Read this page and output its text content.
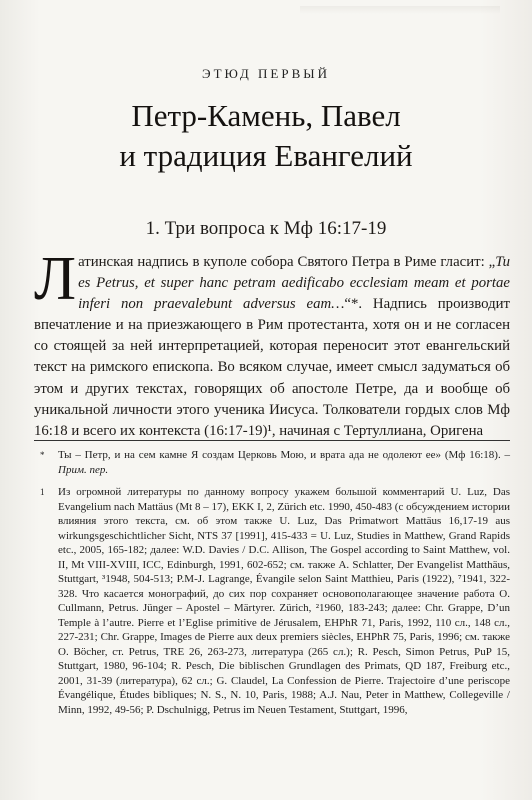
ЭТЮД ПЕРВЫЙ
Петр-Камень, Павел
и традиция Евангелий
1. Три вопроса к Мф 16:17-19

Латинская надпись в куполе собора Святого Петра в Риме гласит: „Tu es Petrus, et super hanc petram aedificabo ecclesiam meam et portae inferi non praevalebunt adversus eam…“*. Надпись производит впечатление и на приезжающего в Рим протестанта, хотя он и не согласен со стоящей за ней интерпретацией, которая переносит этот евангельский текст на римского епископа. Во всяком случае, имеет смысл задуматься об этом и других текстах, говорящих об апостоле Петре, да и вообще об уникальной личности этого ученика Иисуса. Толкователи гордых слов Мф 16:18 и всего их контекста (16:17-19)¹, начиная с Тертуллиана, Оригена

* Ты – Петр, и на сем камне Я создам Церковь Мою, и врата ада не одолеют ее» (Мф 16:18). – Прим. пер.

1 Из огромной литературы по данному вопросу укажем большой комментарий U. Luz, Das Evangelium nach Mattäus (Mt 8 – 17), EKK I, 2, Zürich etc. 1990, 450-483 (с обсуждением истории влияния этого текста, см. об этом также U. Luz, Das Primatwort Mattäus 16,17-19 aus wirkungsgeschichtlicher Sicht, NTS 37 [1991], 415-433 = U. Luz, Studies in Matthew, Grand Rapids etc., 2005, 165-182; далее: W.D. Davies / D.C. Allison, The Gospel according to Saint Matthew, vol. II, Mt VIII-XVIII, ICC, Edinburgh, 1991, 602-652; см. также A. Schlatter, Der Evangelist Matthäus, Stuttgart, ³1948, 504-513; P.M-J. Lagrange, Évangile selon Saint Matthieu, Paris (1922), ⁷1941, 322-328. Что касается монографий, до сих пор сохраняет основополагающее значение работа O. Cullmann, Petrus. Jünger – Apostel – Märtyrer. Zürich, ²1960, 183-243; далее: Chr. Grappe, D’un Temple à l’autre. Pierre et l’Eglise primitive de Jérusalem, EHPhR 71, Paris, 1992, 110 сл., 148 сл., 227-231; Chr. Grappe, Images de Pierre aux deux premiers siècles, EHPhR 75, Paris, 1996; см. также O. Böcher, ст. Petrus, TRE 26, 263-273, литература (265 сл.); R. Pesch, Simon Petrus, PuP 15, Stuttgart, 1980, 96-104; R. Pesch, Die biblischen Grundlagen des Primats, QD 187, Freiburg etc., 2001, 31-39 (литература), 62 сл.; G. Claudel, La Confession de Pierre. Trajectoire d’une periscope Évangélique, Études bibliques; N. S., N. 10, Paris, 1988; A.J. Nau, Peter in Matthew, Collegeville / Minn, 1992, 49-56; P. Dschulnigg, Petrus im Neuen Testament, Stuttgart, 1996,
